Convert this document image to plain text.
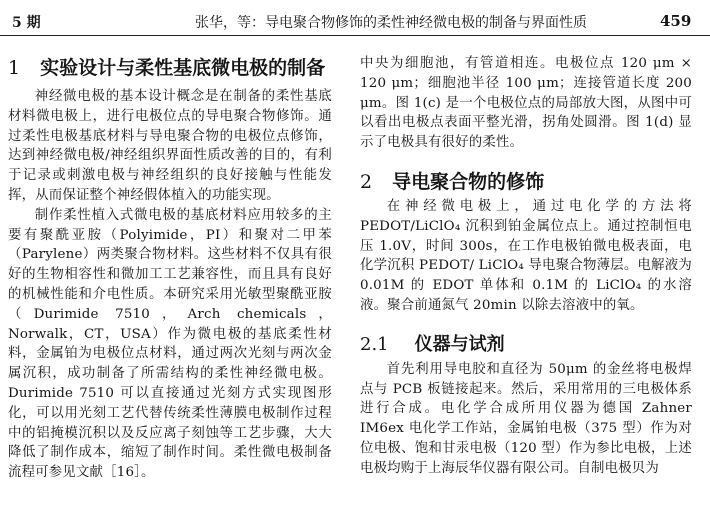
5 期	张华，等：导电聚合物修饰的柔性神经微电极的制备与界面性质	459
1 实验设计与柔性基底微电极的制备

神经微电极的基本设计概念是在制备的柔性基底材料微电极上，进行电极位点的导电聚合物修饰。通过柔性电极基底材料与导电聚合物的电极位点修饰，达到神经微电极/神经组织界面性质改善的目的，有利于记录或刺激电极与神经组织的良好接触与性能发挥，从而保证整个神经假体植入的功能实现。

制作柔性植入式微电极的基底材料应用较多的主要有聚酰亚胺（Polyimide，PI）和聚对二甲苯（Parylene）两类聚合物材料。这些材料不仅具有很好的生物相容性和微加工工艺兼容性，而且具有良好的机械性能和介电性质。本研究采用光敏型聚酰亚胺（Durimide 7510，Arch chemicals，Norwalk，CT，USA）作为微电极的基底柔性材料，金属铂为电极位点材料，通过两次光刻与两次金属沉积，成功制备了所需结构的柔性神经微电极。Durimide 7510 可以直接通过光刻方式实现图形化，可以用光刻工艺代替传统柔性薄膜电极制作过程中的铝掩模沉积以及反应离子刻蚀等工艺步骤，大大降低了制作成本，缩短了制作时间。柔性微电极制备流程可参见文献［16］。

中央为细胞池，有管道相连。电极位点 120 μm × 120 μm；细胞池半径 100 μm；连接管道长度 200 μm。图 1(c) 是一个电极位点的局部放大图，从图中可以看出电极点表面平整光滑，拐角处圆滑。图 1(d) 显示了电极具有很好的柔性。

2 导电聚合物的修饰

在神经微电极上，通过电化学的方法将 PEDOT/LiClO₄ 沉积到铂金属位点上。通过控制恒电压 1.0V，时间 300s，在工作电极铂微电极表面，电化学沉积 PEDOT/ LiClO₄ 导电聚合物薄层。电解液为 0.01M 的 EDOT 单体和 0.1M 的 LiClO₄ 的水溶液。聚合前通氮气 20min 以除去溶液中的氧。

2.1 仪器与试剂

首先利用导电胶和直径为 50μm 的金丝将电极焊点与 PCB 板链接起来。然后，采用常用的三电极体系进行合成。电化学合成所用仪器为德国 Zahner IM6ex 电化学工作站，金属铂电极（375 型）作为对位电极、饱和甘汞电极（120 型）作为参比电极，上述电极均购于上海辰华仪器有限公司。自制电极贝为
